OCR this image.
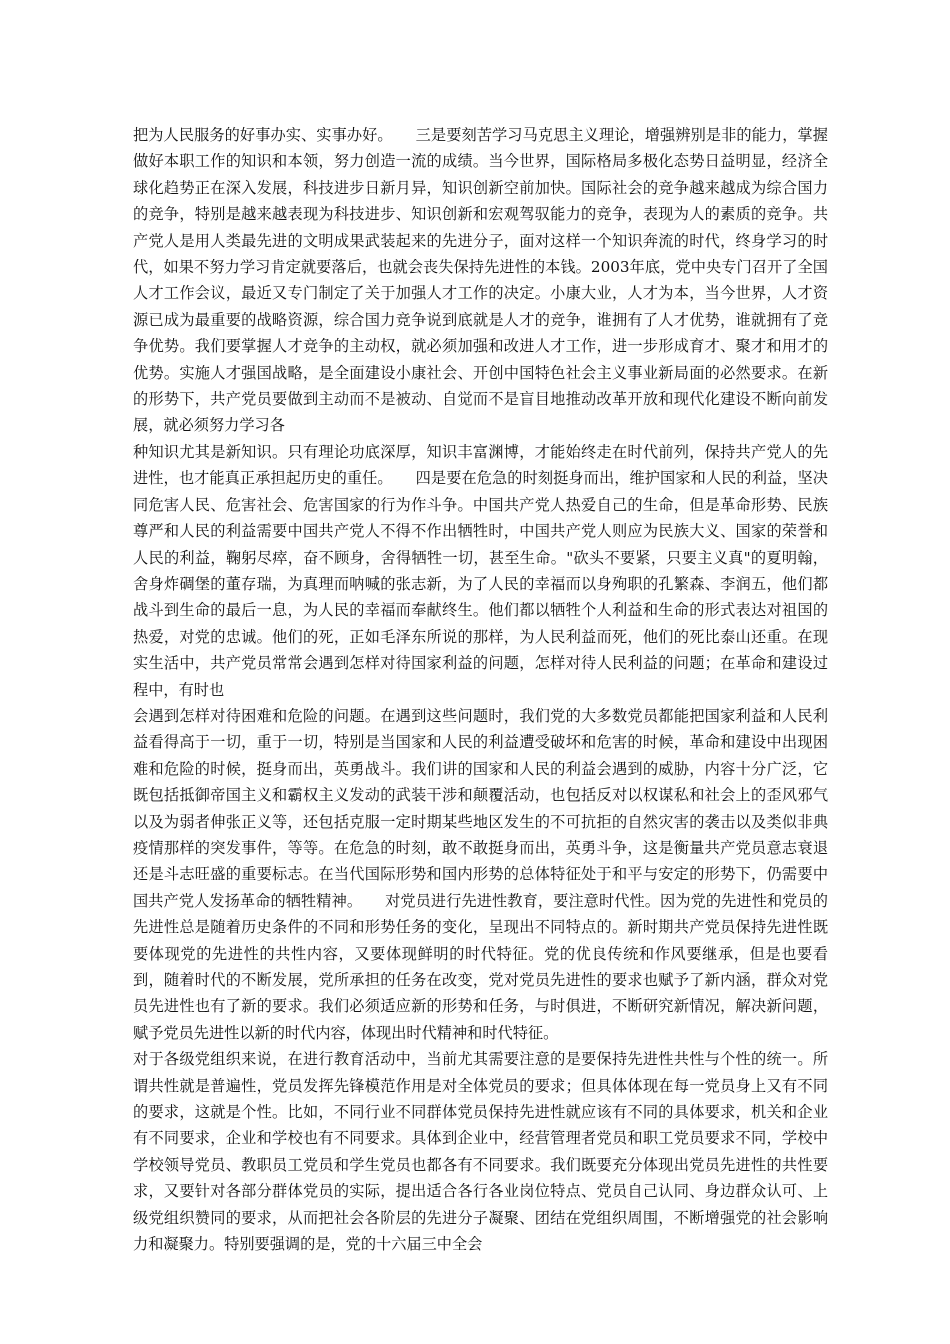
把为人民服务的好事办实、实事办好。　　三是要刻苦学习马克思主义理论，增强辨别是非的能力，掌握做好本职工作的知识和本领，努力创造一流的成绩。当今世界，国际格局多极化态势日益明显，经济全球化趋势正在深入发展，科技进步日新月异，知识创新空前加快。国际社会的竞争越来越成为综合国力的竞争，特别是越来越表现为科技进步、知识创新和宏观驾驭能力的竞争，表现为人的素质的竞争。共产党人是用人类最先进的文明成果武装起来的先进分子，面对这样一个知识奔流的时代，终身学习的时代，如果不努力学习肯定就要落后，也就会丧失保持先进性的本钱。2003年底，党中央专门召开了全国人才工作会议，最近又专门制定了关于加强人才工作的决定。小康大业，人才为本，当今世界，人才资源已成为最重要的战略资源，综合国力竞争说到底就是人才的竞争，谁拥有了人才优势，谁就拥有了竞争优势。我们要掌握人才竞争的主动权，就必须加强和改进人才工作，进一步形成育才、聚才和用才的优势。实施人才强国战略，是全面建设小康社会、开创中国特色社会主义事业新局面的必然要求。在新的形势下，共产党员要做到主动而不是被动、自觉而不是盲目地推动改革开放和现代化建设不断向前发展，就必须努力学习各

种知识尤其是新知识。只有理论功底深厚，知识丰富渊博，才能始终走在时代前列，保持共产党人的先进性，也才能真正承担起历史的重任。　　四是要在危急的时刻挺身而出，维护国家和人民的利益，坚决同危害人民、危害社会、危害国家的行为作斗争。中国共产党人热爱自己的生命，但是革命形势、民族尊严和人民的利益需要中国共产党人不得不作出牺牲时，中国共产党人则应为民族大义、国家的荣誉和人民的利益，鞠躬尽瘁，奋不顾身，舍得牺牲一切，甚至生命。"砍头不要紧，只要主义真"的夏明翰，舍身炸碉堡的董存瑞，为真理而呐喊的张志新，为了人民的幸福而以身殉职的孔繁森、李润五，他们都战斗到生命的最后一息，为人民的幸福而奉献终生。他们都以牺牲个人利益和生命的形式表达对祖国的热爱，对党的忠诚。他们的死，正如毛泽东所说的那样，为人民利益而死，他们的死比泰山还重。在现实生活中，共产党员常常会遇到怎样对待国家利益的问题，怎样对待人民利益的问题；在革命和建设过程中，有时也

会遇到怎样对待困难和危险的问题。在遇到这些问题时，我们党的大多数党员都能把国家利益和人民利益看得高于一切，重于一切，特别是当国家和人民的利益遭受破坏和危害的时候，革命和建设中出现困难和危险的时候，挺身而出，英勇战斗。我们讲的国家和人民的利益会遇到的威胁，内容十分广泛，它既包括抵御帝国主义和霸权主义发动的武装干涉和颠覆活动，也包括反对以权谋私和社会上的歪风邪气以及为弱者伸张正义等，还包括克服一定时期某些地区发生的不可抗拒的自然灾害的袭击以及类似非典疫情那样的突发事件，等等。在危急的时刻，敢不敢挺身而出，英勇斗争，这是衡量共产党员意志衰退还是斗志旺盛的重要标志。在当代国际形势和国内形势的总体特征处于和平与安定的形势下，仍需要中国共产党人发扬革命的牺牲精神。　　对党员进行先进性教育，要注意时代性。因为党的先进性和党员的先进性总是随着历史条件的不同和形势任务的变化，呈现出不同特点的。新时期共产党员保持先进性既要体现党的先进性的共性内容，又要体现鲜明的时代特征。党的优良传统和作风要继承，但是也要看到，随着时代的不断发展，党所承担的任务在改变，党对党员先进性的要求也赋予了新内涵，群众对党员先进性也有了新的要求。我们必须适应新的形势和任务，与时俱进，不断研究新情况，解决新问题，赋予党员先进性以新的时代内容，体现出时代精神和时代特征。

对于各级党组织来说，在进行教育活动中，当前尤其需要注意的是要保持先进性共性与个性的统一。所谓共性就是普遍性，党员发挥先锋模范作用是对全体党员的要求；但具体体现在每一党员身上又有不同的要求，这就是个性。比如，不同行业不同群体党员保持先进性就应该有不同的具体要求，机关和企业有不同要求，企业和学校也有不同要求。具体到企业中，经营管理者党员和职工党员要求不同，学校中学校领导党员、教职员工党员和学生党员也都各有不同要求。我们既要充分体现出党员先进性的共性要求，又要针对各部分群体党员的实际，提出适合各行各业岗位特点、党员自己认同、身边群众认可、上级党组织赞同的要求，从而把社会各阶层的先进分子凝聚、团结在党组织周围，不断增强党的社会影响力和凝聚力。特别要强调的是，党的十六届三中全会
